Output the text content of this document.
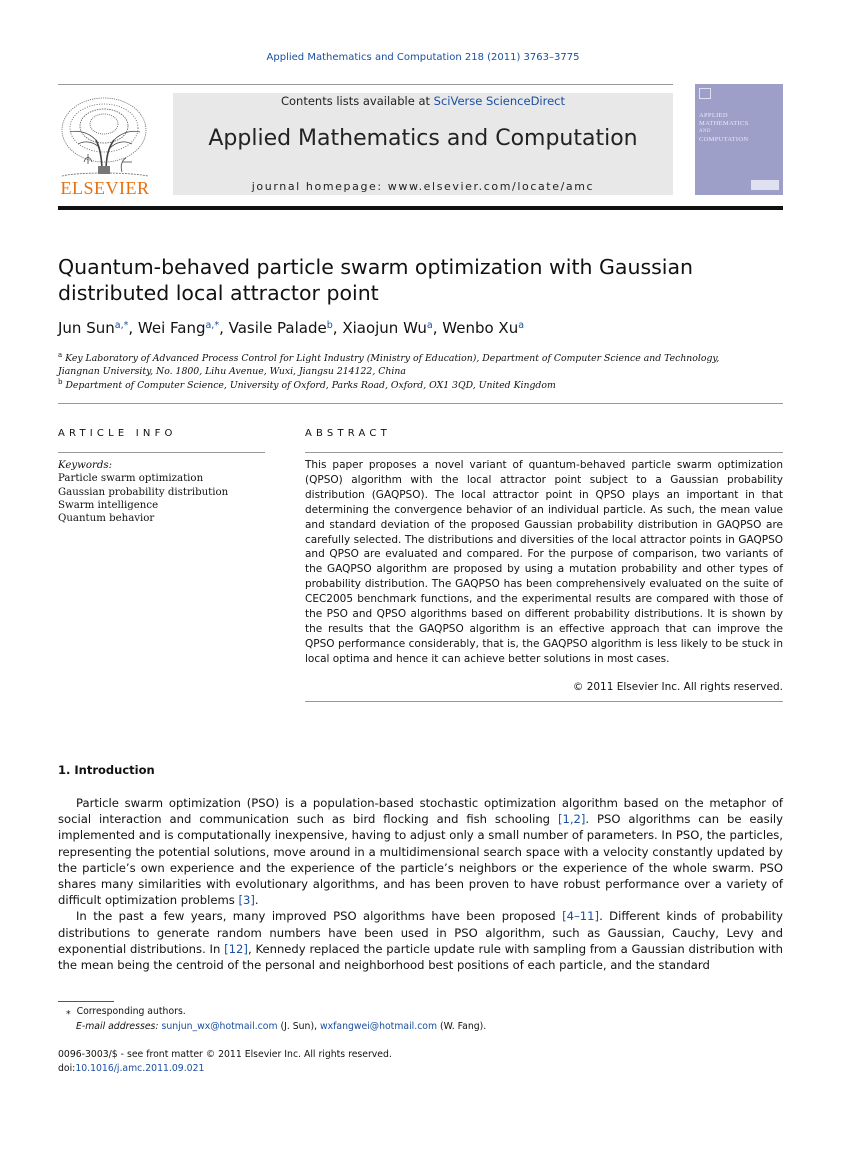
Applied Mathematics and Computation 218 (2011) 3763–3775
ELSEVIER
Contents lists available at SciVerse ScienceDirect
Applied Mathematics and Computation
journal homepage: www.elsevier.com/locate/amc
APPLIED
MATHEMATICS
AND
COMPUTATION
Quantum-behaved particle swarm optimization with Gaussian
distributed local attractor point
Jun Sun$^{a,*}$, Wei Fang$^{a,*}$, Vasile Palade$^b$, Xiaojun Wu$^a$, Wenbo Xu$^a$
$^a$ Key Laboratory of Advanced Process Control for Light Industry (Ministry of Education), Department of Computer Science and Technology,
Jiangnan University, No. 1800, Lihu Avenue, Wuxi, Jiangsu 214122, China
$^b$ Department of Computer Science, University of Oxford, Parks Road, Oxford, OX1 3QD, United Kingdom
ARTICLE INFO	ABSTRACT
Keywords:
Particle swarm optimization
Gaussian probability distribution
Swarm intelligence
Quantum behavior
This paper proposes a novel variant of quantum-behaved particle swarm optimization (QPSO) algorithm with the local attractor point subject to a Gaussian probability distribution (GAQPSO). The local attractor point in QPSO plays an important in that determining the convergence behavior of an individual particle. As such, the mean value and standard deviation of the proposed Gaussian probability distribution in GAQPSO are carefully selected. The distributions and diversities of the local attractor points in GAQPSO and QPSO are evaluated and compared. For the purpose of comparison, two variants of the GAQPSO algorithm are proposed by using a mutation probability and other types of probability distribution. The GAQPSO has been comprehensively evaluated on the suite of CEC2005 benchmark functions, and the experimental results are compared with those of the PSO and QPSO algorithms based on different probability distributions. It is shown by the results that the GAQPSO algorithm is an effective approach that can improve the QPSO performance considerably, that is, the GAQPSO algorithm is less likely to be stuck in local optima and hence it can achieve better solutions in most cases.
© 2011 Elsevier Inc. All rights reserved.
1. Introduction

Particle swarm optimization (PSO) is a population-based stochastic optimization algorithm based on the metaphor of social interaction and communication such as bird flocking and fish schooling [1,2]. PSO algorithms can be easily implemented and is computationally inexpensive, having to adjust only a small number of parameters. In PSO, the particles, representing the potential solutions, move around in a multidimensional search space with a velocity constantly updated by the particle’s own experience and the experience of the particle’s neighbors or the experience of the whole swarm. PSO shares many similarities with evolutionary algorithms, and has been proven to have robust performance over a variety of difficult optimization problems [3].

In the past a few years, many improved PSO algorithms have been proposed [4–11]. Different kinds of probability distributions to generate random numbers have been used in PSO algorithm, such as Gaussian, Cauchy, Levy and exponential distributions. In [12], Kennedy replaced the particle update rule with sampling from a Gaussian distribution with the mean being the centroid of the personal and neighborhood best positions of each particle, and the standard

⁎ Corresponding authors.
E-mail addresses: sunjun_wx@hotmail.com (J. Sun), wxfangwei@hotmail.com (W. Fang).
0096-3003/$ - see front matter © 2011 Elsevier Inc. All rights reserved.
doi:10.1016/j.amc.2011.09.021
